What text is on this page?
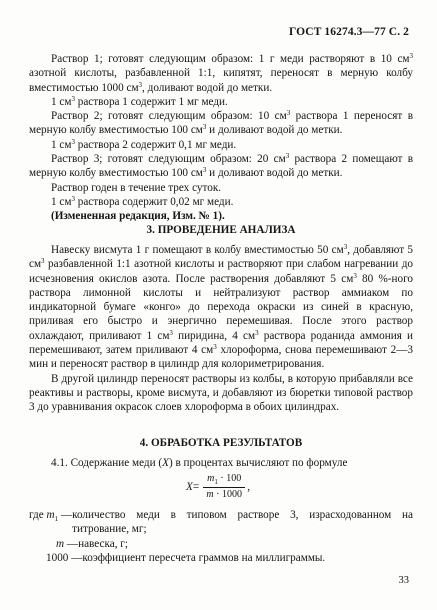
ГОСТ 16274.3—77 С. 2

Раствор 1; готовят следующим образом: 1 г меди растворяют в 10 $см^3$ азотной кислоты, разбавленной 1:1, кипятят, переносят в мерную колбу вместимостью 1000 $см^3$, доливают водой до метки.

1 $см^3$ раствора 1 содержит 1 мг меди.

Раствор 2; готовят следующим образом: 10 $см^3$ раствора 1 переносят в мерную колбу вместимостью 100 $см^3$ и доливают водой до метки.

1 $см^3$ раствора 2 содержит 0,1 мг меди.

Раствор 3; готовят следующим образом: 20 $см^3$ раствора 2 помещают в мерную колбу вместимостью 100 $см^3$ и доливают водой до метки.

Раствор годен в течение трех суток.

1 $см^3$ раствора содержит 0,02 мг меди.

(Измененная редакция, Изм. № 1).

3. ПРОВЕДЕНИЕ АНАЛИЗА

Навеску висмута 1 г помещают в колбу вместимостью 50 $см^3$, добавляют 5 $см^3$ разбавленной 1:1 азотной кислоты и растворяют при слабом нагревании до исчезновения окислов азота. После растворения добавляют 5 $см^3$ 80 %-ного раствора лимонной кислоты и нейтрализуют раствор аммиаком по индикаторной бумаге «конго» до перехода окраски из синей в красную, приливая его быстро и энергично перемешивая. После этого раствор охлаждают, приливают 1 $см^3$ пиридина, 4 $см^3$ раствора роданида аммония и перемешивают, затем приливают 4 $см^3$ хлороформа, снова перемешивают 2—3 мин и переносят раствор в цилиндр для колориметрирования.

В другой цилиндр переносят растворы из колбы, в которую прибавляли все реактивы и растворы, кроме висмута, и добавляют из бюретки типовой раствор 3 до уравнивания окрасок слоев хлороформа в обоих цилиндрах.

4. ОБРАБОТКА РЕЗУЛЬТАТОВ
4.1. Содержание меди (X) в процентах вычисляют по формуле
$X= \frac{m_1 \cdot 100}{m \cdot 1000}$ ,
где $m_1$ — количество меди в типовом растворе 3, израсходованном на титрование, мг;
m — навеска, г;
1000 — коэффициент пересчета граммов на миллиграммы.
33
